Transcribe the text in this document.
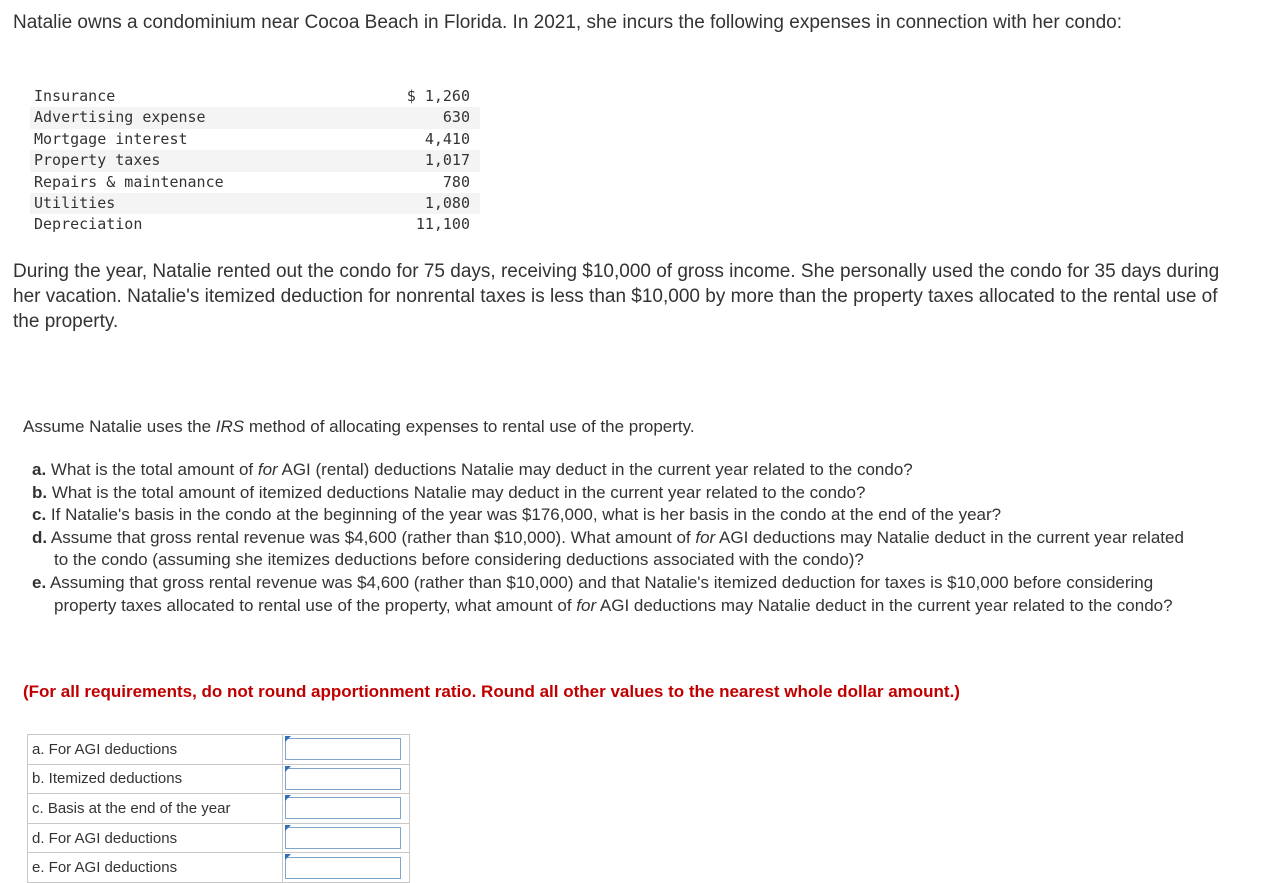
Natalie owns a condominium near Cocoa Beach in Florida. In 2021, she incurs the following expenses in connection with her condo:

Insurance	$ 1,260
Advertising expense	630
Mortgage interest	4,410
Property taxes	1,017
Repairs & maintenance	780
Utilities	1,080
Depreciation	11,100

During the year, Natalie rented out the condo for 75 days, receiving $10,000 of gross income. She personally used the condo for 35 days during her vacation. Natalie's itemized deduction for nonrental taxes is less than $10,000 by more than the property taxes allocated to the rental use of the property.

Assume Natalie uses the IRS method of allocating expenses to rental use of the property.

a. What is the total amount of for AGI (rental) deductions Natalie may deduct in the current year related to the condo?
b. What is the total amount of itemized deductions Natalie may deduct in the current year related to the condo?
c. If Natalie's basis in the condo at the beginning of the year was $176,000, what is her basis in the condo at the end of the year?
d. Assume that gross rental revenue was $4,600 (rather than $10,000). What amount of for AGI deductions may Natalie deduct in the current year related to the condo (assuming she itemizes deductions before considering deductions associated with the condo)?
e. Assuming that gross rental revenue was $4,600 (rather than $10,000) and that Natalie's itemized deduction for taxes is $10,000 before considering property taxes allocated to rental use of the property, what amount of for AGI deductions may Natalie deduct in the current year related to the condo?

(For all requirements, do not round apportionment ratio. Round all other values to the nearest whole dollar amount.)

a. For AGI deductions	

b. Itemized deductions	

c. Basis at the end of the year	

d. For AGI deductions	

e. For AGI deductions	
